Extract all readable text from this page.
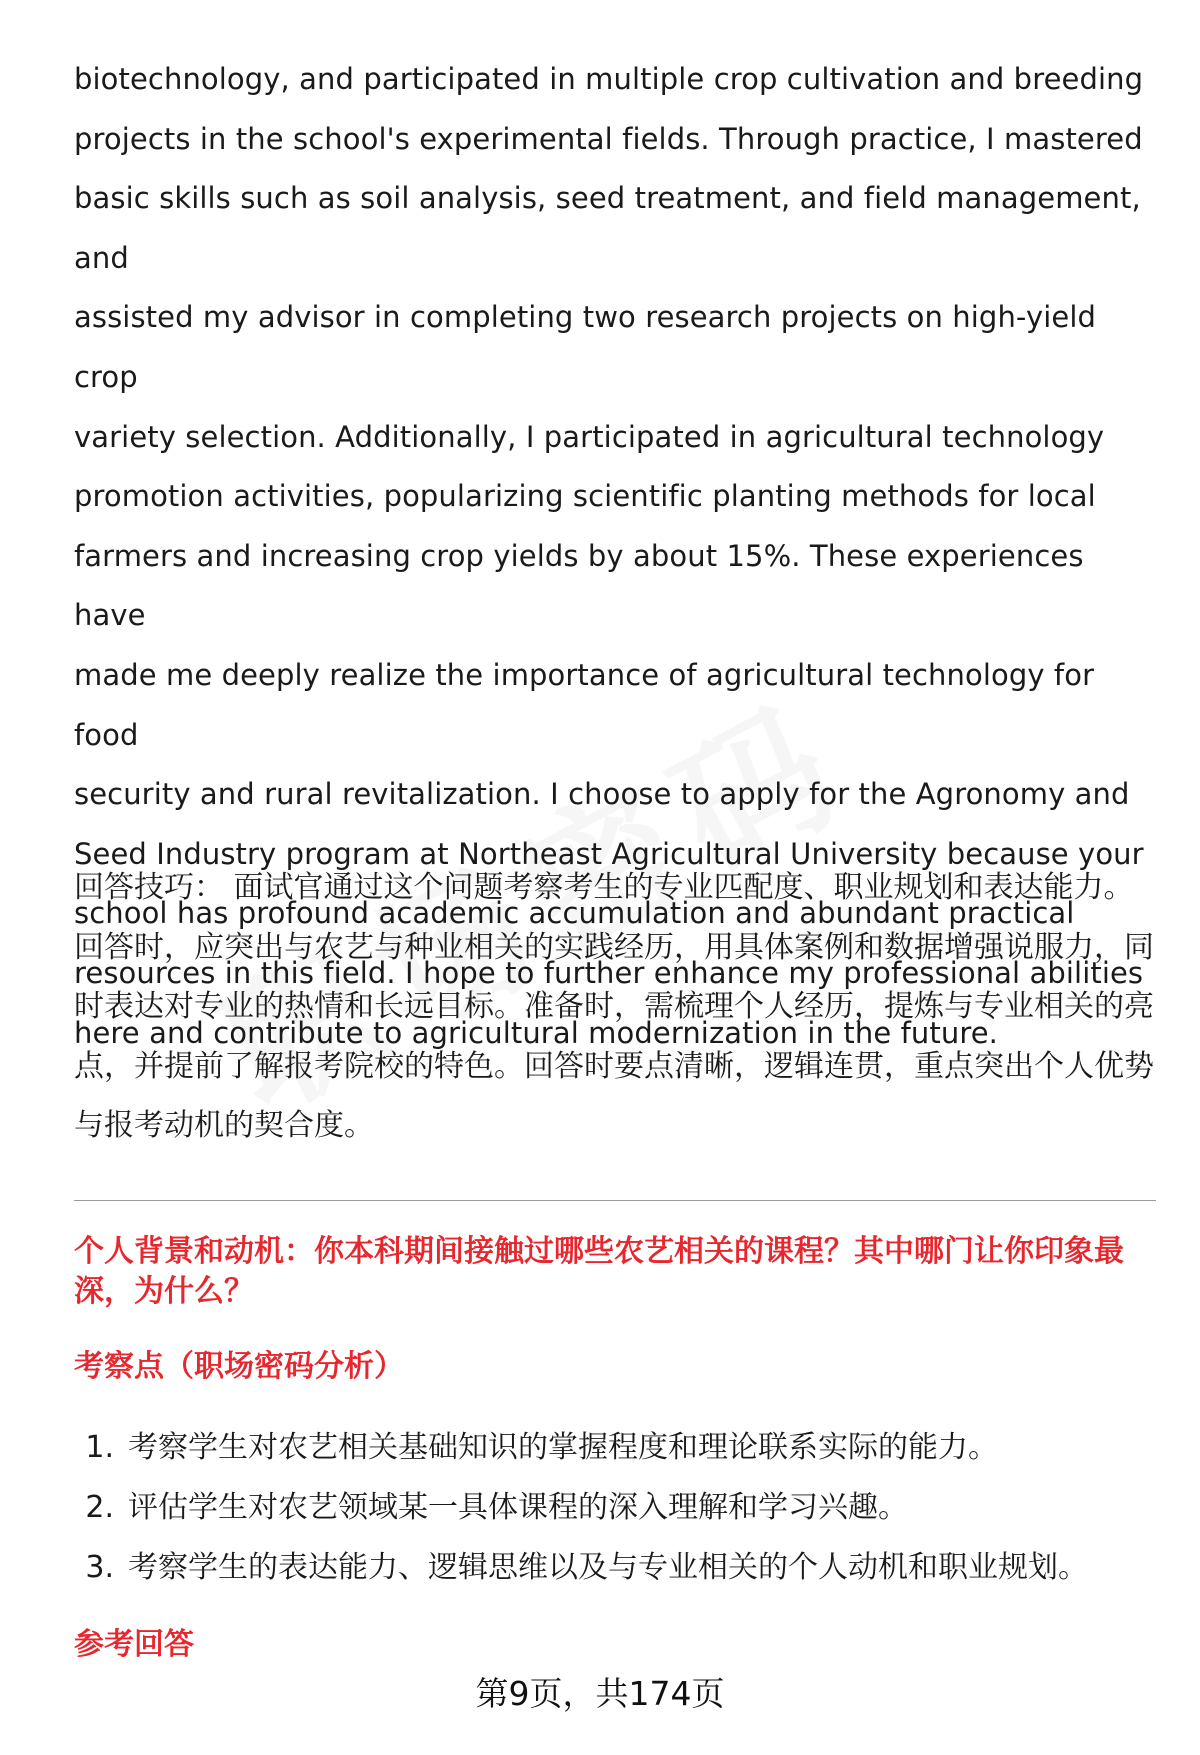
biotechnology, and participated in multiple crop cultivation and breeding
projects in the school's experimental fields. Through practice, I mastered
basic skills such as soil analysis, seed treatment, and field management, and
assisted my advisor in completing two research projects on high-yield crop
variety selection. Additionally, I participated in agricultural technology
promotion activities, popularizing scientific planting methods for local
farmers and increasing crop yields by about 15%. These experiences have
made me deeply realize the importance of agricultural technology for food
security and rural revitalization. I choose to apply for the Agronomy and
Seed Industry program at Northeast Agricultural University because your
school has profound academic accumulation and abundant practical
resources in this field. I hope to further enhance my professional abilities
here and contribute to agricultural modernization in the future.

回答技巧： 面试官通过这个问题考察考生的专业匹配度、职业规划和表达能力。回答时，应突出与农艺与种业相关的实践经历，用具体案例和数据增强说服力，同时表达对专业的热情和长远目标。准备时，需梳理个人经历，提炼与专业相关的亮点，并提前了解报考院校的特色。回答时要点清晰，逻辑连贯，重点突出个人优势与报考动机的契合度。

个人背景和动机：你本科期间接触过哪些农艺相关的课程？其中哪门让你印象最深，为什么？

考察点（职场密码分析）

1. 考察学生对农艺相关基础知识的掌握程度和理论联系实际的能力。
2. 评估学生对农艺领域某一具体课程的深入理解和学习兴趣。
3. 考察学生的表达能力、逻辑思维以及与专业相关的个人动机和职业规划。

参考回答

第9页，共174页
